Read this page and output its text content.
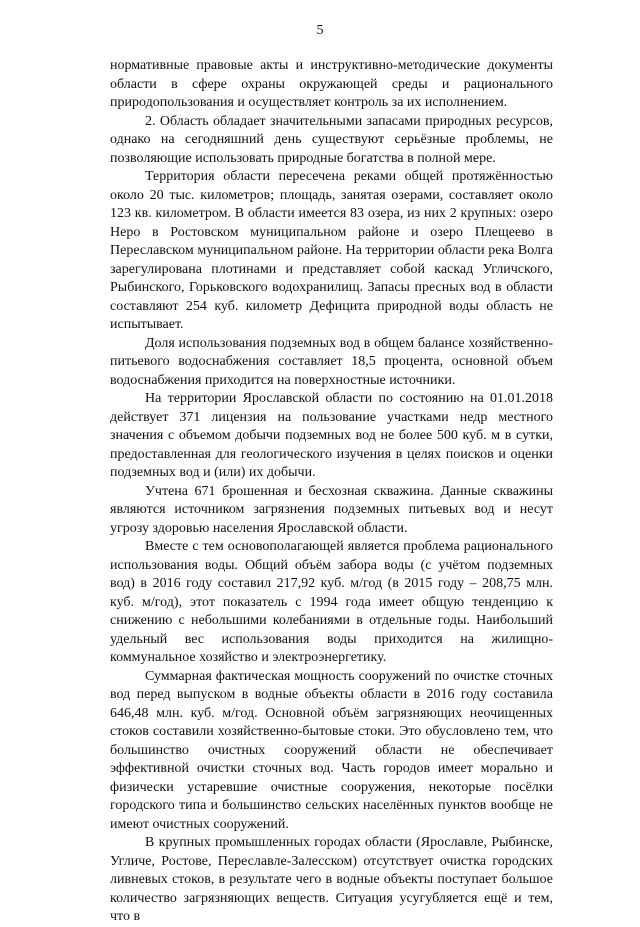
5

нормативные правовые акты и инструктивно-методические документы области в сфере охраны окружающей среды и рационального природопользования и осуществляет контроль за их исполнением.

2. Область обладает значительными запасами природных ресурсов, однако на сегодняшний день существуют серьёзные проблемы, не позволяющие использовать природные богатства в полной мере.

Территория области пересечена реками общей протяжённостью около 20 тыс. километров; площадь, занятая озерами, составляет около 123 кв. километром. В области имеется 83 озера, из них 2 крупных: озеро Неро в Ростовском муниципальном районе и озеро Плещеево в Переславском муниципальном районе. На территории области река Волга зарегулирована плотинами и представляет собой каскад Угличского, Рыбинского, Горьковского водохранилищ. Запасы пресных вод в области составляют 254 куб. километр Дефицита природной воды область не испытывает.

Доля использования подземных вод в общем балансе хозяйственно-питьевого водоснабжения составляет 18,5 процента, основной объем водоснабжения приходится на поверхностные источники.

На территории Ярославской области по состоянию на 01.01.2018 действует 371 лицензия на пользование участками недр местного значения с объемом добычи подземных вод не более 500 куб. м в сутки, предоставленная для геологического изучения в целях поисков и оценки подземных вод и (или) их добычи.

Учтена 671 брошенная и бесхозная скважина. Данные скважины являются источником загрязнения подземных питьевых вод и несут угрозу здоровью населения Ярославской области.

Вместе с тем основополагающей является проблема рационального использования воды. Общий объём забора воды (с учётом подземных вод) в 2016 году составил 217,92 куб. м/год (в 2015 году – 208,75 млн. куб. м/год), этот показатель с 1994 года имеет общую тенденцию к снижению с небольшими колебаниями в отдельные годы. Наибольший удельный вес использования воды приходится на жилищно-коммунальное хозяйство и электроэнергетику.

Суммарная фактическая мощность сооружений по очистке сточных вод перед выпуском в водные объекты области в 2016 году составила 646,48 млн. куб. м/год. Основной объём загрязняющих неочищенных стоков составили хозяйственно-бытовые стоки. Это обусловлено тем, что большинство очистных сооружений области не обеспечивает эффективной очистки сточных вод. Часть городов имеет морально и физически устаревшие очистные сооружения, некоторые посёлки городского типа и большинство сельских населённых пунктов вообще не имеют очистных сооружений.

В крупных промышленных городах области (Ярославле, Рыбинске, Угличе, Ростове, Переславле-Залесском) отсутствует очистка городских ливневых стоков, в результате чего в водные объекты поступает большое количество загрязняющих веществ. Ситуация усугубляется ещё и тем, что в
